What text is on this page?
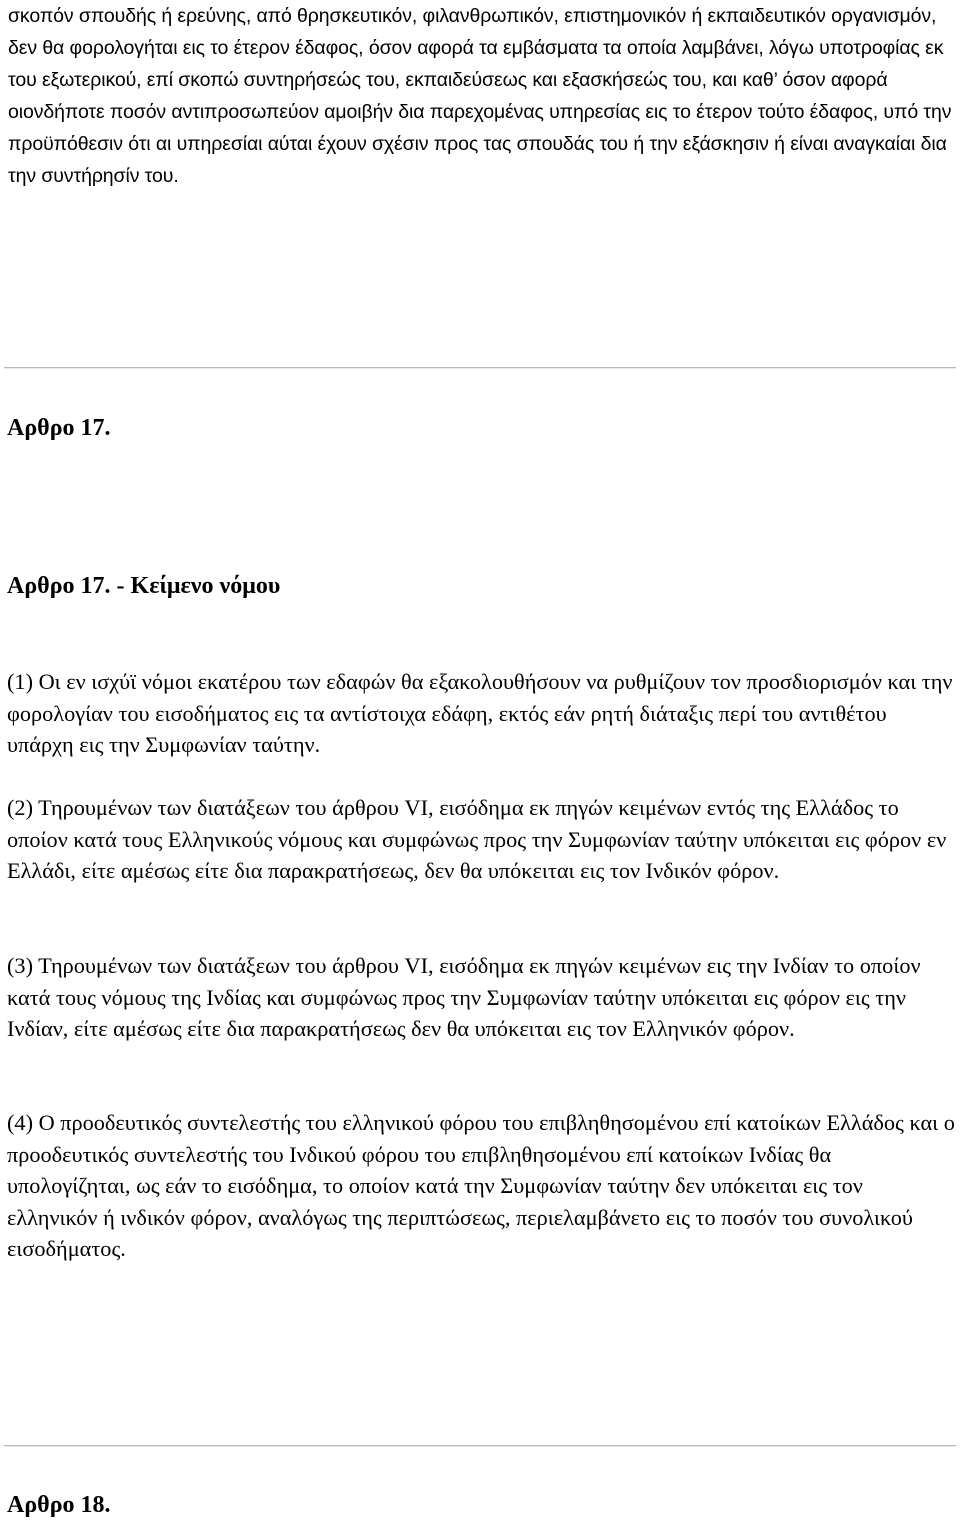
σκοπόν σπουδής ή ερεύνης, από θρησκευτικόν, φιλανθρωπικόν, επιστημονικόν ή εκπαιδευτικόν οργανισμόν, δεν θα φορολογήται εις το έτερον έδαφος, όσον αφορά τα εμβάσματα τα οποία λαμβάνει, λόγω υποτροφίας εκ του εξωτερικού, επί σκοπώ συντηρήσεώς του, εκπαιδεύσεως και εξασκήσεώς του, και καθ’ όσον αφορά οιονδήποτε ποσόν αντιπροσωπεύον αμοιβήν δια παρεχομένας υπηρεσίας εις το έτερον τούτο έδαφος, υπό την προϋπόθεσιν ότι αι υπηρεσίαι αύται έχουν σχέσιν προς τας σπουδάς του ή την εξάσκησιν ή είναι αναγκαίαι δια την συντήρησίν του.

Αρθρο 17.
Αρθρο 17. - Κείμενο νόμου

(1) Οι εν ισχύϊ νόμοι εκατέρου των εδαφών θα εξακολουθήσουν να ρυθμίζουν τον προσδιορισμόν και την φορολογίαν του εισοδήματος εις τα αντίστοιχα εδάφη, εκτός εάν ρητή διάταξις περί του αντιθέτου υπάρχη εις την Συμφωνίαν ταύτην.

(2) Τηρουμένων των διατάξεων του άρθρου VI, εισόδημα εκ πηγών κειμένων εντός της Ελλάδος το οποίον κατά τους Ελληνικούς νόμους και συμφώνως προς την Συμφωνίαν ταύτην υπόκειται εις φόρον εν Ελλάδι, είτε αμέσως είτε δια παρακρατήσεως, δεν θα υπόκειται εις τον Ινδικόν φόρον.

(3) Τηρουμένων των διατάξεων του άρθρου VI, εισόδημα εκ πηγών κειμένων εις την Ινδίαν το οποίον κατά τους νόμους της Ινδίας και συμφώνως προς την Συμφωνίαν ταύτην υπόκειται εις φόρον εις την Ινδίαν, είτε αμέσως είτε δια παρακρατήσεως δεν θα υπόκειται εις τον Ελληνικόν φόρον.

(4) Ο προοδευτικός συντελεστής του ελληνικού φόρου του επιβληθησομένου επί κατοίκων Ελλάδος και ο προοδευτικός συντελεστής του Ινδικού φόρου του επιβληθησομένου επί κατοίκων Ινδίας θα υπολογίζηται, ως εάν το εισόδημα, το οποίον κατά την Συμφωνίαν ταύτην δεν υπόκειται εις τον ελληνικόν ή ινδικόν φόρον, αναλόγως της περιπτώσεως, περιελαμβάνετο εις το ποσόν του συνολικού εισοδήματος.

Αρθρο 18.
